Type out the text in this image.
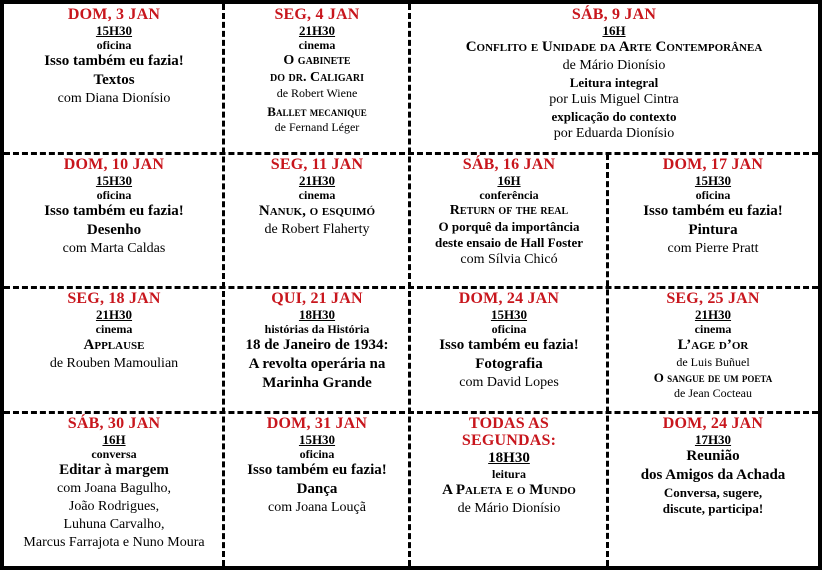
DOM, 3 JAN
15H30
oficina
Isso também eu fazia!
Textos
com Diana Dionísio
SEG, 4 JAN
21H30
cinema
O gabinete
do dr. Caligari
de Robert Wiene
Ballet mecanique
de Fernand Léger
SÁB, 9 JAN
16H
Conflito e Unidade da Arte Contemporânea
de Mário Dionísio
Leitura integral
por Luis Miguel Cintra
explicação do contexto
por Eduarda Dionísio
DOM, 10 JAN
15H30
oficina
Isso também eu fazia!
Desenho
com Marta Caldas
SEG, 11 JAN
21H30
cinema
Nanuk, o esquimó
de Robert Flaherty
SÁB, 16 JAN
16H
conferência
Return of the real
O porquê da importância
deste ensaio de Hall Foster
com Sílvia Chicó
DOM, 17 JAN
15H30
oficina
Isso também eu fazia!
Pintura
com Pierre Pratt
SEG, 18 JAN
21H30
cinema
Applause
de Rouben Mamoulian
QUI, 21 JAN
18H30
histórias da História
18 de Janeiro de 1934:
A revolta operária na
Marinha Grande
DOM, 24 JAN
15H30
oficina
Isso também eu fazia!
Fotografia
com David Lopes
SEG, 25 JAN
21H30
cinema
L’age d’or
de Luis Buñuel
O sangue de um poeta
de Jean Cocteau
SÁB, 30 JAN
16H
conversa
Editar à margem
com Joana Bagulho,
João Rodrigues,
Luhuna Carvalho,
Marcus Farrajota e Nuno Moura
DOM, 31 JAN
15H30
oficina
Isso também eu fazia!
Dança
com Joana Louçã
TODAS AS
SEGUNDAS:
18H30
leitura
A Paleta e o Mundo
de Mário Dionísio
DOM, 24 JAN
17H30
Reunião
dos Amigos da Achada
Conversa, sugere,
discute, participa!
